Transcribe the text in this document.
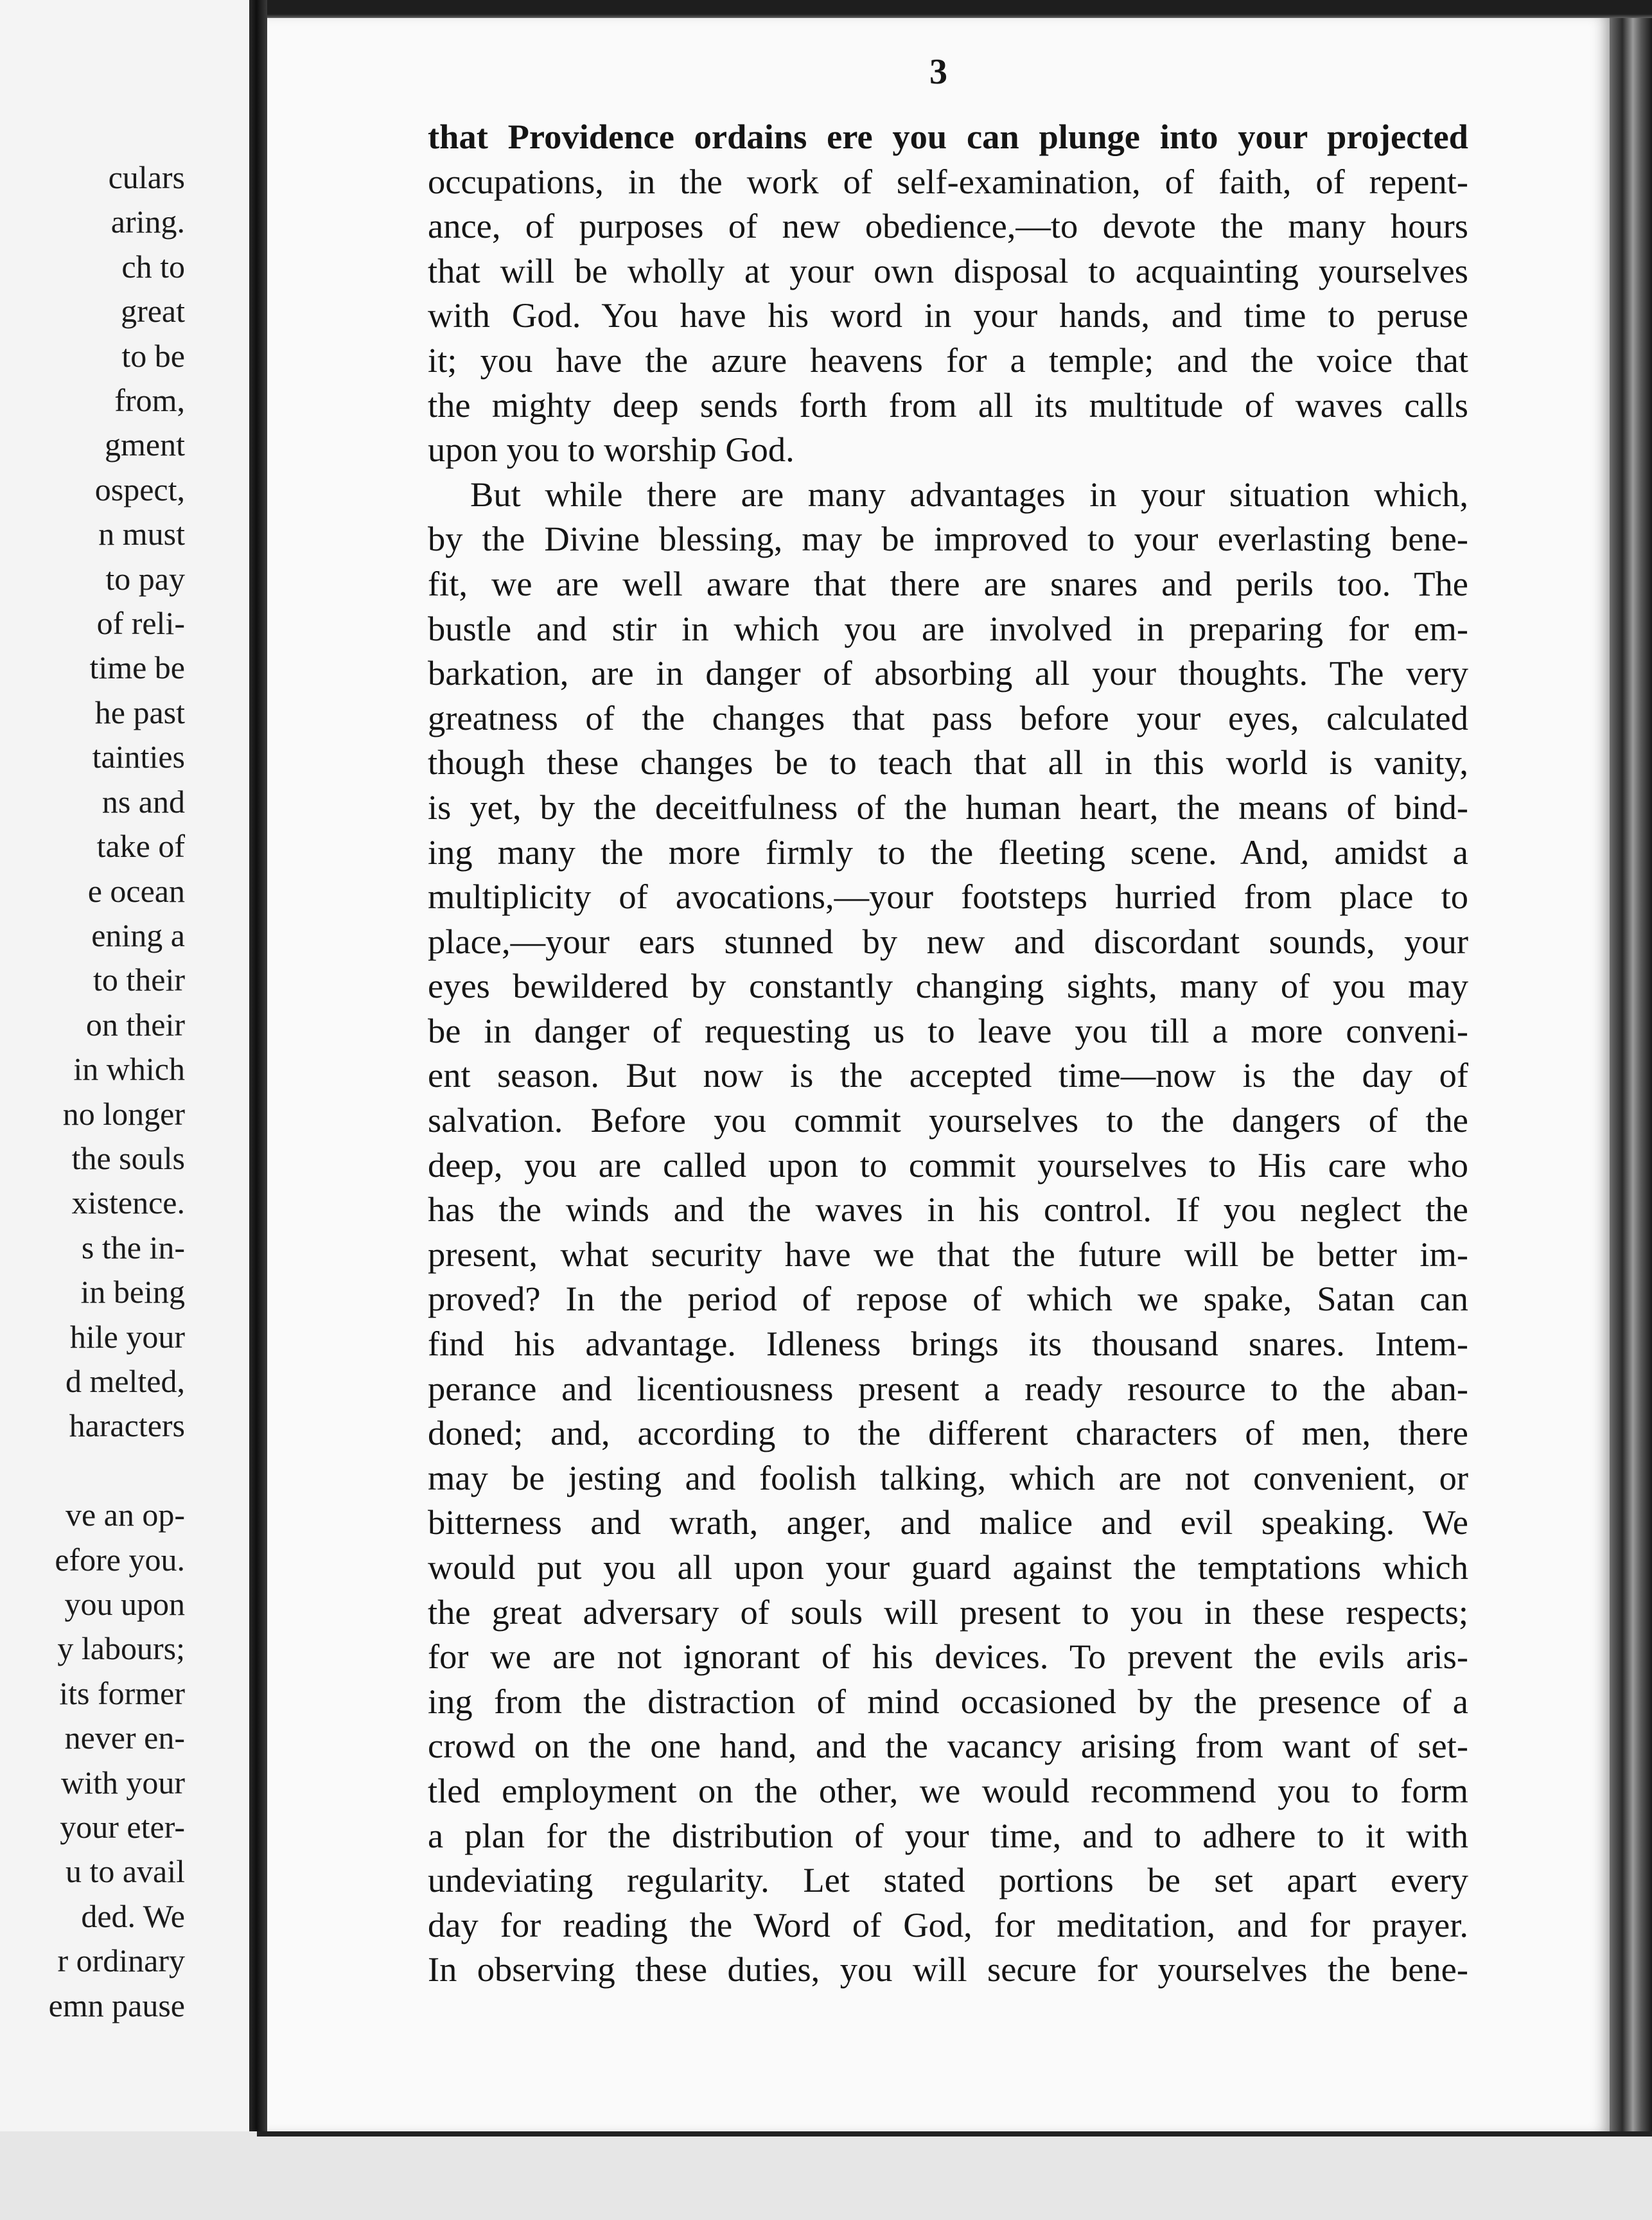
culars
aring.
ch to
great
to be
from,
gment
ospect,
n must
to pay
of reli-
time be
he past
tainties
ns and
take of
e ocean
ening a
to their
on their
in which
no longer
the souls
xistence.
s the in-
in being
hile your
d melted,
haracters
ve an op-
efore you.
you upon
y labours;
its former
never en-
with your
your eter-
u to avail
ded. We
r ordinary
emn pause
3
that Providence ordains ere you can plunge into your projected
occupations, in the work of self-examination, of faith, of repent-
ance, of purposes of new obedience,—to devote the many hours
that will be wholly at your own disposal to acquainting yourselves
with God. You have his word in your hands, and time to peruse
it; you have the azure heavens for a temple; and the voice that
the mighty deep sends forth from all its multitude of waves calls
upon you to worship God.
But while there are many advantages in your situation which,
by the Divine blessing, may be improved to your everlasting bene-
fit, we are well aware that there are snares and perils too. The
bustle and stir in which you are involved in preparing for em-
barkation, are in danger of absorbing all your thoughts. The very
greatness of the changes that pass before your eyes, calculated
though these changes be to teach that all in this world is vanity,
is yet, by the deceitfulness of the human heart, the means of bind-
ing many the more firmly to the fleeting scene. And, amidst a
multiplicity of avocations,—your footsteps hurried from place to
place,—your ears stunned by new and discordant sounds, your
eyes bewildered by constantly changing sights, many of you may
be in danger of requesting us to leave you till a more conveni-
ent season. But now is the accepted time—now is the day of
salvation. Before you commit yourselves to the dangers of the
deep, you are called upon to commit yourselves to His care who
has the winds and the waves in his control. If you neglect the
present, what security have we that the future will be better im-
proved? In the period of repose of which we spake, Satan can
find his advantage. Idleness brings its thousand snares. Intem-
perance and licentiousness present a ready resource to the aban-
doned; and, according to the different characters of men, there
may be jesting and foolish talking, which are not convenient, or
bitterness and wrath, anger, and malice and evil speaking. We
would put you all upon your guard against the temptations which
the great adversary of souls will present to you in these respects;
for we are not ignorant of his devices. To prevent the evils aris-
ing from the distraction of mind occasioned by the presence of a
crowd on the one hand, and the vacancy arising from want of set-
tled employment on the other, we would recommend you to form
a plan for the distribution of your time, and to adhere to it with
undeviating regularity. Let stated portions be set apart every
day for reading the Word of God, for meditation, and for prayer.
In observing these duties, you will secure for yourselves the bene-
